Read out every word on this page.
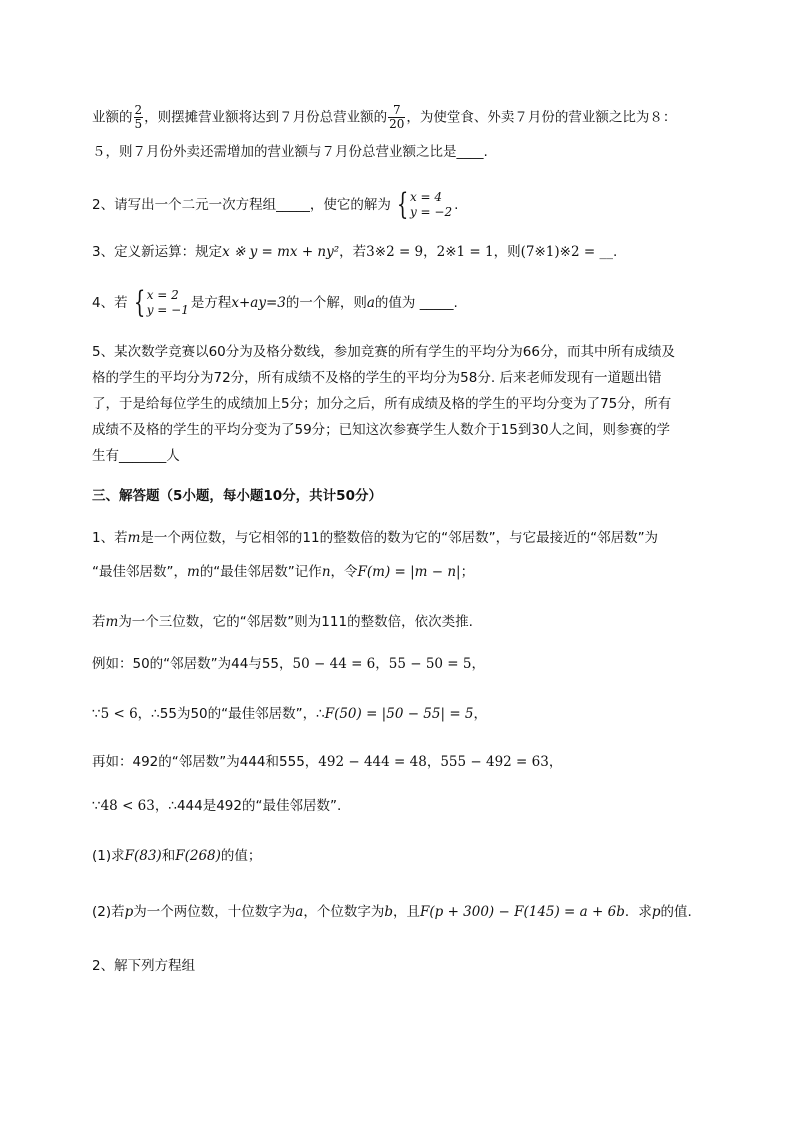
业额的 $\frac{2}{5}$ ，则摆摊营业额将达到７月份总营业额的 $\frac{7}{20}$ ，为使堂食、外卖７月份的营业额之比为８：
５，则７月份外卖还需增加的营业额与７月份总营业额之比是____.
2、请写出一个二元一次方程组_____，使它的解为 { x = 4
y = −2 .
3、定义新运算：规定x ※ y = mx + ny²，若3※2 = 9，2※1 = 1，则(7※1)※2 = __.
4、若 { x = 2
y = −1 是方程x+ay=3的一个解，则a的值为 _____.
5、某次数学竞赛以60分为及格分数线，参加竞赛的所有学生的平均分为66分，而其中所有成绩及
格的学生的平均分为72分，所有成绩不及格的学生的平均分为58分. 后来老师发现有一道题出错
了，于是给每位学生的成绩加上5分；加分之后，所有成绩及格的学生的平均分变为了75分，所有
成绩不及格的学生的平均分变为了59分；已知这次参赛学生人数介于15到30人之间，则参赛的学
生有_______人
三、解答题（5小题，每小题10分，共计50分）
1、若m是一个两位数，与它相邻的11的整数倍的数为它的“邻居数”，与它最接近的“邻居数”为
“最佳邻居数”，m的“最佳邻居数”记作n，令F(m) = |m − n|；
若m为一个三位数，它的“邻居数”则为111的整数倍，依次类推.
例如：50的“邻居数”为44与55，50 − 44 = 6，55 − 50 = 5，
∵5 < 6，∴55为50的“最佳邻居数”，∴F(50) = |50 − 55| = 5，
再如：492的“邻居数”为444和555，492 − 444 = 48，555 − 492 = 63，
∵48 < 63，∴444是492的“最佳邻居数”.
(1)求F(83)和F(268)的值；
(2)若p为一个两位数，十位数字为a，个位数字为b，且F(p + 300) − F(145) = a + 6b．求p的值.
2、解下列方程组
